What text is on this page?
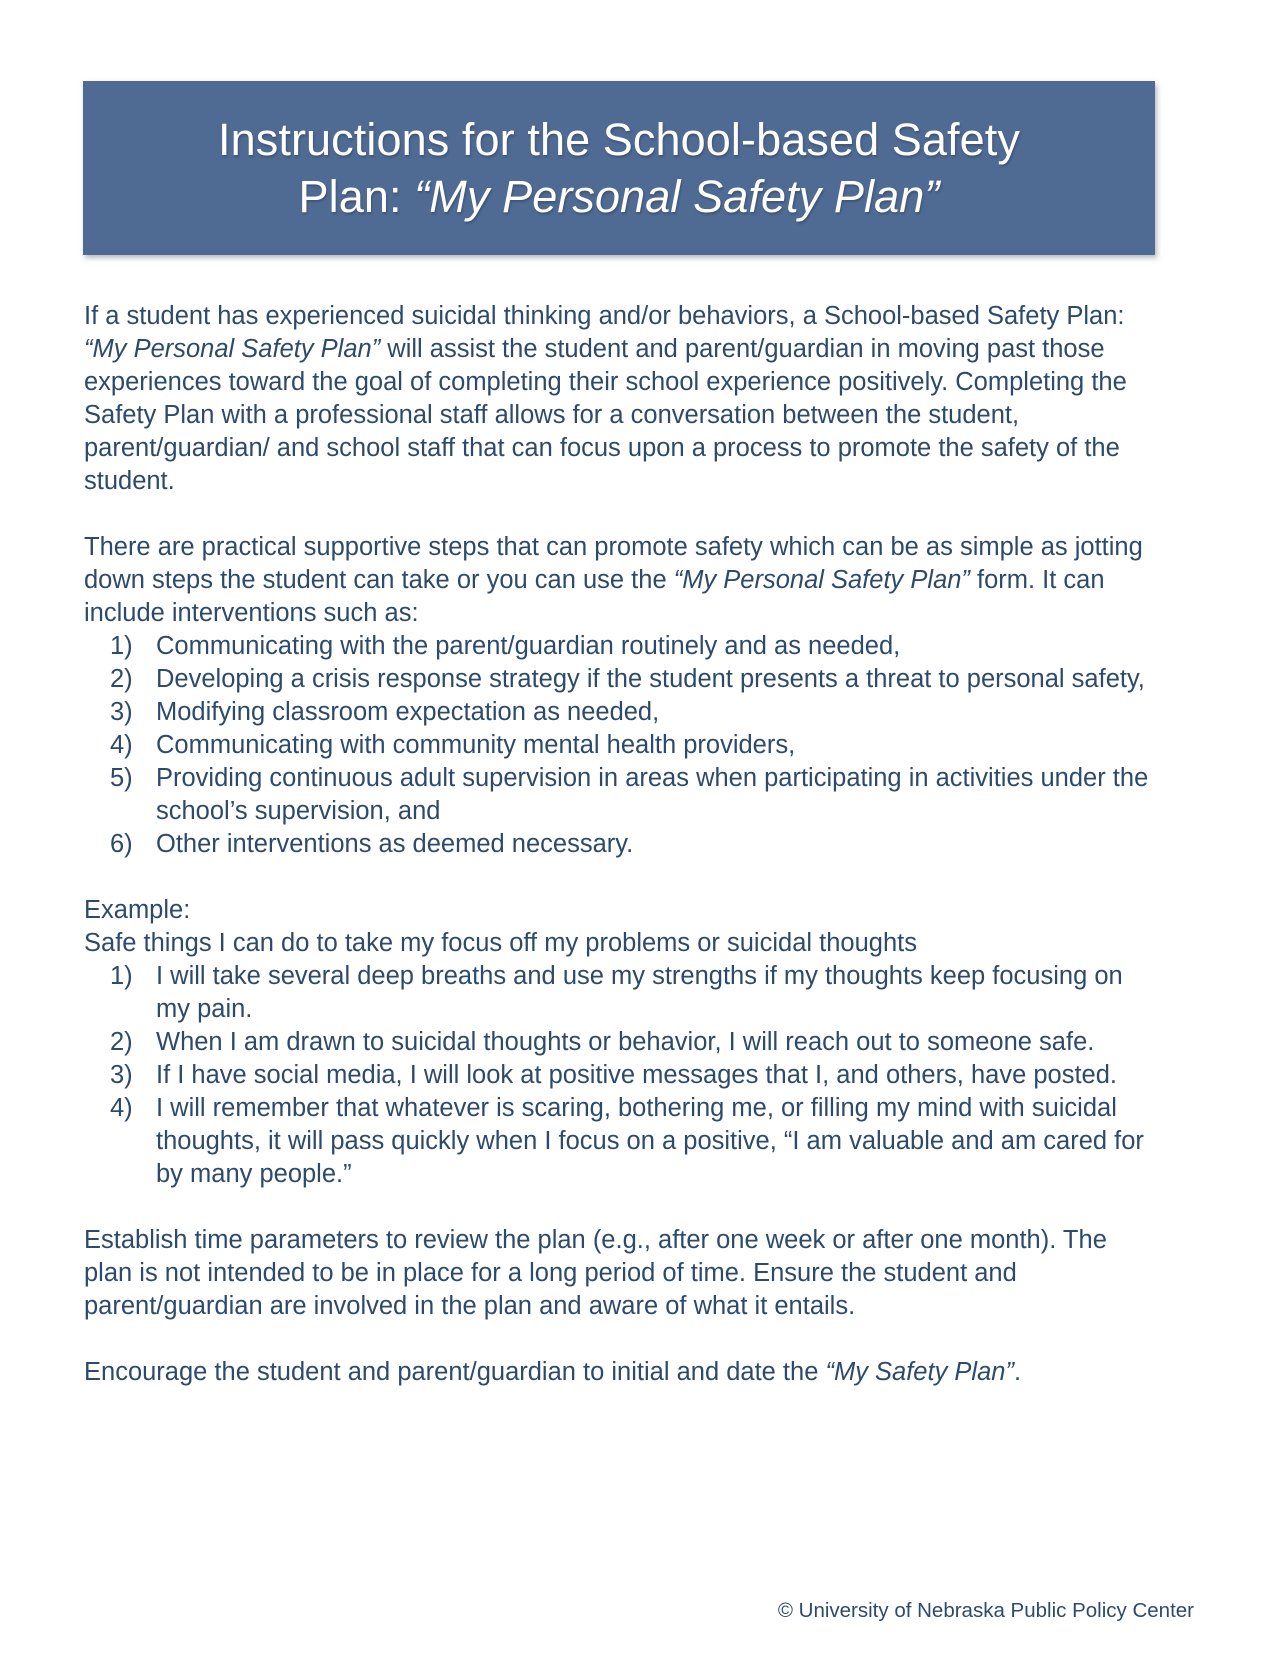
Instructions for the School-based Safety
Plan: “My Personal Safety Plan”

If a student has experienced suicidal thinking and/or behaviors, a School-based Safety Plan: “My Personal Safety Plan” will assist the student and parent/guardian in moving past those experiences toward the goal of completing their school experience positively. Completing the Safety Plan with a professional staff allows for a conversation between the student, parent/guardian/ and school staff that can focus upon a process to promote the safety of the student.

There are practical supportive steps that can promote safety which can be as simple as jotting down steps the student can take or you can use the “My Personal Safety Plan” form. It can include interventions such as:

1) Communicating with the parent/guardian routinely and as needed,
2) Developing a crisis response strategy if the student presents a threat to personal safety,
3) Modifying classroom expectation as needed,
4) Communicating with community mental health providers,
5) Providing continuous adult supervision in areas when participating in activities under the school’s supervision, and
6) Other interventions as deemed necessary.

Example:

Safe things I can do to take my focus off my problems or suicidal thoughts

1) I will take several deep breaths and use my strengths if my thoughts keep focusing on my pain.
2) When I am drawn to suicidal thoughts or behavior, I will reach out to someone safe.
3) If I have social media, I will look at positive messages that I, and others, have posted.
4) I will remember that whatever is scaring, bothering me, or filling my mind with suicidal thoughts, it will pass quickly when I focus on a positive, “I am valuable and am cared for by many people.”

Establish time parameters to review the plan (e.g., after one week or after one month). The plan is not intended to be in place for a long period of time. Ensure the student and parent/guardian are involved in the plan and aware of what it entails.

Encourage the student and parent/guardian to initial and date the “My Safety Plan”.

© University of Nebraska Public Policy Center
